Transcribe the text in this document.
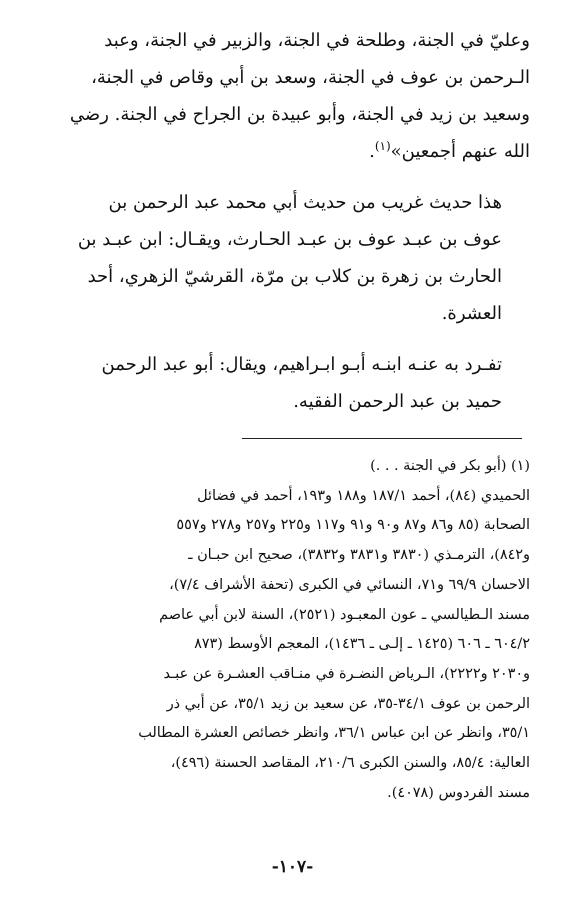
وعليّ في الجنة، وطلحة في الجنة، والزبير في الجنة، وعبد
الـرحمن بن عوف في الجنة، وسعد بن أبي وقاص في الجنة،
وسعيد بن زيد في الجنة، وأبو عبيدة بن الجراح في الجنة. رضي
الله عنهم أجمعين»$^{(١)}$.

هذا حديث غريب من حديث أبي محمد عبد الرحمن بن
عوف بن عبـد عوف بن عبـد الحـارث، ويقـال: ابن عبـد بن
الحارث بن زهرة بن كلاب بن مرّة، القرشيّ الزهري، أحد
العشرة.

تفـرد به عنـه ابنـه أبـو ابـراهيم، ويقال: أبو عبد الرحمن
حميد بن عبد الرحمن الفقيه.

(١) (أبو بكر في الجنة . . .)
الحميدي (٨٤)، أحمد ١٨٧/١ و١٨٨ و١٩٣، أحمد في فضائل
الصحابة (٨٥ و٨٦ و٨٧ و٩٠ و٩١ و١١٧ و٢٢٥ و٢٥٧ و٢٧٨ و٥٥٧
و٨٤٢)، الترمـذي (٣٨٣٠ و٣٨٣١ و٣٨٣٢)، صحيح ابن حبـان ـ
الاحسان ٦٩/٩ و٧١، النسائي في الكبرى (تحفة الأشراف ٧/٤)،
مسند الـطيالسي ـ عون المعبـود (٢٥٢١)، السنة لابن أبي عاصم
٦٠٤/٢ ـ ٦٠٦ (١٤٢٥ ـ إلـى ـ ١٤٣٦)، المعجم الأوسط (٨٧٣
و٢٠٣٠ و٢٢٢٢)، الـرياض النضـرة في منـاقب العشـرة عن عبـد
الرحمن بن عوف ٣٤/١-٣٥، عن سعيد بن زيد ٣٥/١، عن أبي ذر
٣٥/١، وانظر عن ابن عباس ٣٦/١، وانظر خصائص العشرة المطالب
العالية: ٨٥/٤، والسنن الكبرى ٢١٠/٦، المقاصد الحسنة (٤٩٦)،
مسند الفردوس (٤٠٧٨).
-١٠٧-
